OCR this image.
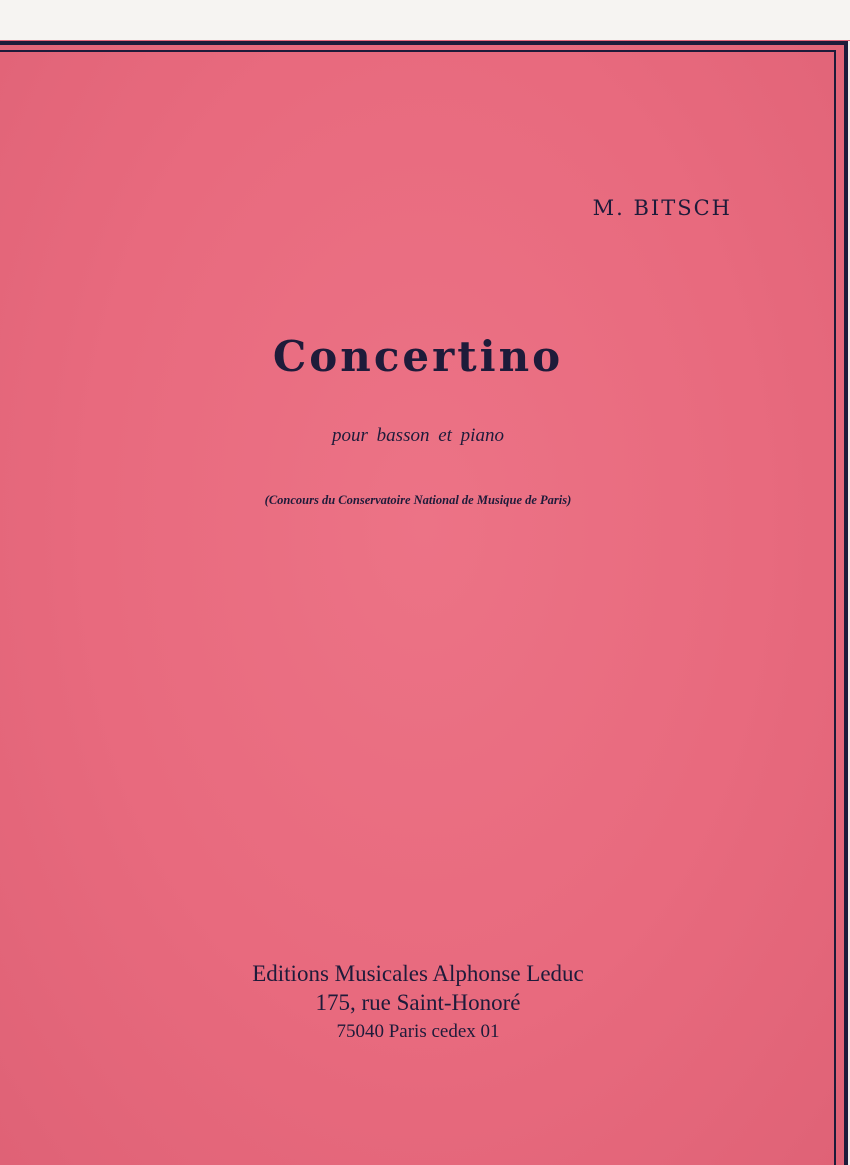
M. BITSCH
Concertino
pour basson et piano
(Concours du Conservatoire National de Musique de Paris)
Editions Musicales Alphonse Leduc
175, rue Saint-Honoré
75040 Paris cedex 01
